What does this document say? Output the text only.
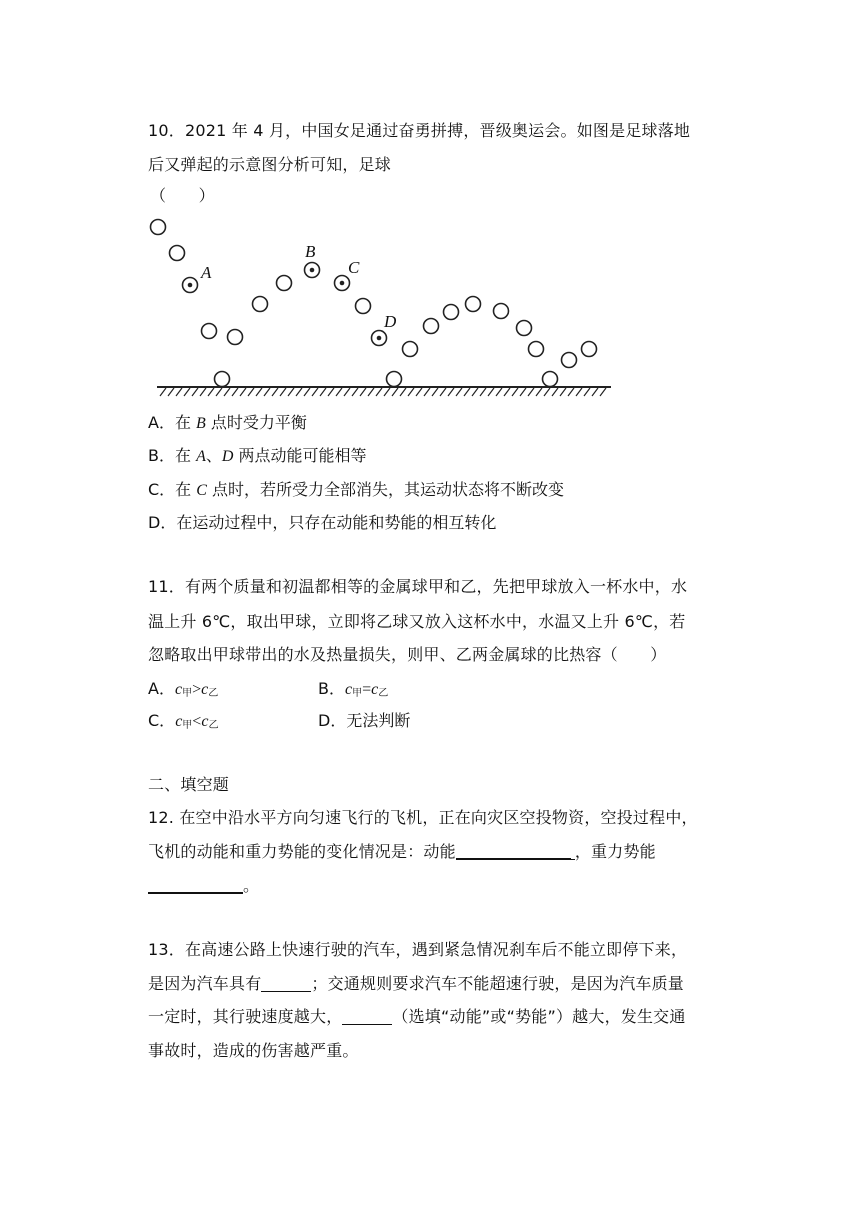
10．2021 年 4 月，中国女足通过奋勇拼搏，晋级奥运会。如图是足球落地
后又弹起的示意图分析可知，足球
（　　）
A
B
C
D
A．在 B 点时受力平衡
B．在 A、D 两点动能可能相等
C．在 C 点时，若所受力全部消失，其运动状态将不断改变
D．在运动过程中，只存在动能和势能的相互转化
11．有两个质量和初温都相等的金属球甲和乙，先把甲球放入一杯水中，水
温上升 6℃，取出甲球，立即将乙球又放入这杯水中，水温又上升 6℃，若
忽略取出甲球带出的水及热量损失，则甲、乙两金属球的比热容（　　）
A．$c_甲>c_乙$	B．$c_甲=c_乙$
C．$c_甲<c_乙$	D．无法判断
二、填空题
12. 在空中沿水平方向匀速飞行的飞机，正在向灾区空投物资，空投过程中，
飞机的动能和重力势能的变化情况是：动能	，重力势能
。
13．在高速公路上快速行驶的汽车，遇到紧急情况刹车后不能立即停下来，
是因为汽车具有	；交通规则要求汽车不能超速行驶，是因为汽车质量
一定时，其行驶速度越大，	（选填“动能”或“势能”）越大，发生交通
事故时，造成的伤害越严重。
